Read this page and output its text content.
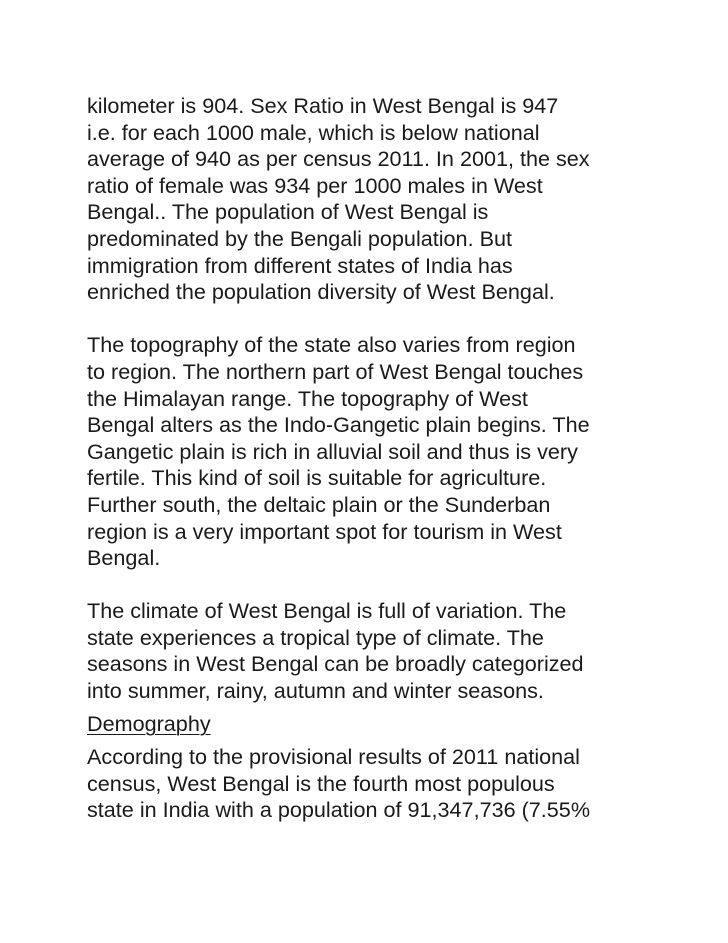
kilometer is 904. Sex Ratio in West Bengal is 947
i.e. for each 1000 male, which is below national
average of 940 as per census 2011. In 2001, the sex
ratio of female was 934 per 1000 males in West
Bengal.. The population of West Bengal is
predominated by the Bengali population. But
immigration from different states of India has
enriched the population diversity of West Bengal.
The topography of the state also varies from region
to region. The northern part of West Bengal touches
the Himalayan range. The topography of West
Bengal alters as the Indo-Gangetic plain begins. The
Gangetic plain is rich in alluvial soil and thus is very
fertile. This kind of soil is suitable for agriculture.
Further south, the deltaic plain or the Sunderban
region is a very important spot for tourism in West
Bengal.
The climate of West Bengal is full of variation. The
state experiences a tropical type of climate. The
seasons in West Bengal can be broadly categorized
into summer, rainy, autumn and winter seasons.
Demography
According to the provisional results of 2011 national
census, West Bengal is the fourth most populous
state in India with a population of 91,347,736 (7.55%
